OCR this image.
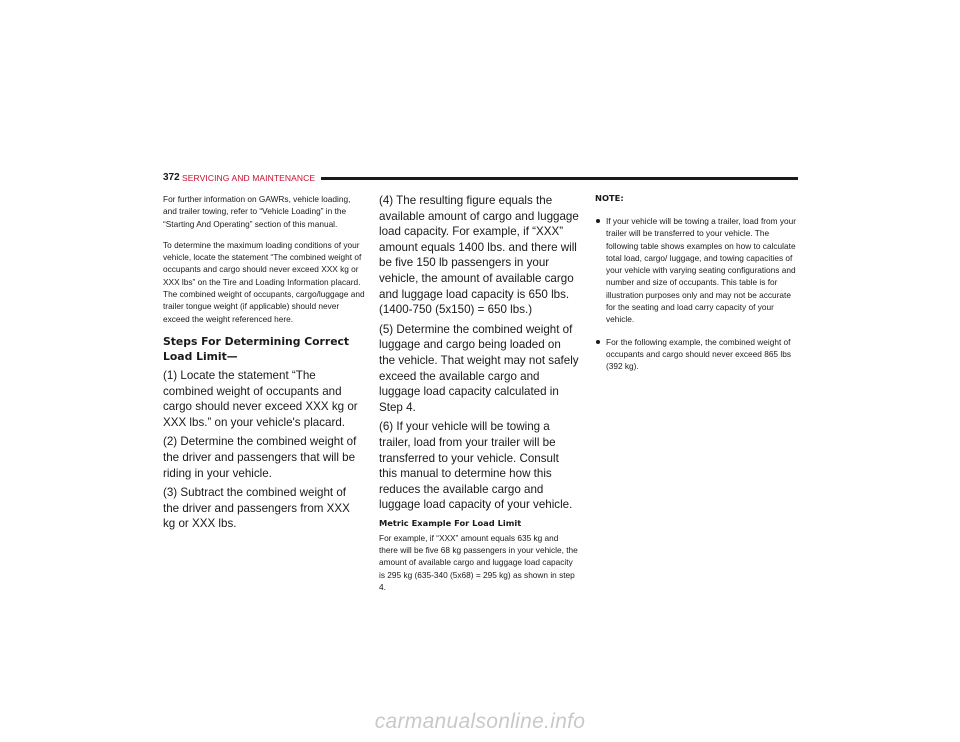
372 SERVICING AND MAINTENANCE

For further information on GAWRs, vehicle loading, and trailer towing, refer to “Vehicle Loading” in the “Starting And Operating” section of this manual.

To determine the maximum loading conditions of your vehicle, locate the statement “The combined weight of occupants and cargo should never exceed XXX kg or XXX lbs” on the Tire and Loading Information placard. The combined weight of occupants, cargo/luggage and trailer tongue weight (if applicable) should never exceed the weight referenced here.

Steps For Determining Correct Load Limit—

(1) Locate the statement “The combined weight of occupants and cargo should never exceed XXX kg or XXX lbs.” on your vehicle's placard.

(2) Determine the combined weight of the driver and passengers that will be riding in your vehicle.

(3) Subtract the combined weight of the driver and passengers from XXX kg or XXX lbs.

(4) The resulting figure equals the available amount of cargo and luggage load capacity. For example, if “XXX” amount equals 1400 lbs. and there will be five 150 lb passengers in your vehicle, the amount of available cargo and luggage load capacity is 650 lbs. (1400-750 (5x150) = 650 lbs.)

(5) Determine the combined weight of luggage and cargo being loaded on the vehicle. That weight may not safely exceed the available cargo and luggage load capacity calculated in Step 4.

(6) If your vehicle will be towing a trailer, load from your trailer will be transferred to your vehicle. Consult this manual to determine how this reduces the available cargo and luggage load capacity of your vehicle.

Metric Example For Load Limit

For example, if “XXX” amount equals 635 kg and there will be five 68 kg passengers in your vehicle, the amount of available cargo and luggage load capacity is 295 kg (635-340 (5x68) = 295 kg) as shown in step 4.

NOTE:

If your vehicle will be towing a trailer, load from your trailer will be transferred to your vehicle. The following table shows examples on how to calculate total load, cargo/ luggage, and towing capacities of your vehicle with varying seating configurations and number and size of occupants. This table is for illustration purposes only and may not be accurate for the seating and load carry capacity of your vehicle.

For the following example, the combined weight of occupants and cargo should never exceed 865 lbs (392 kg).

carmanualsonline.info
